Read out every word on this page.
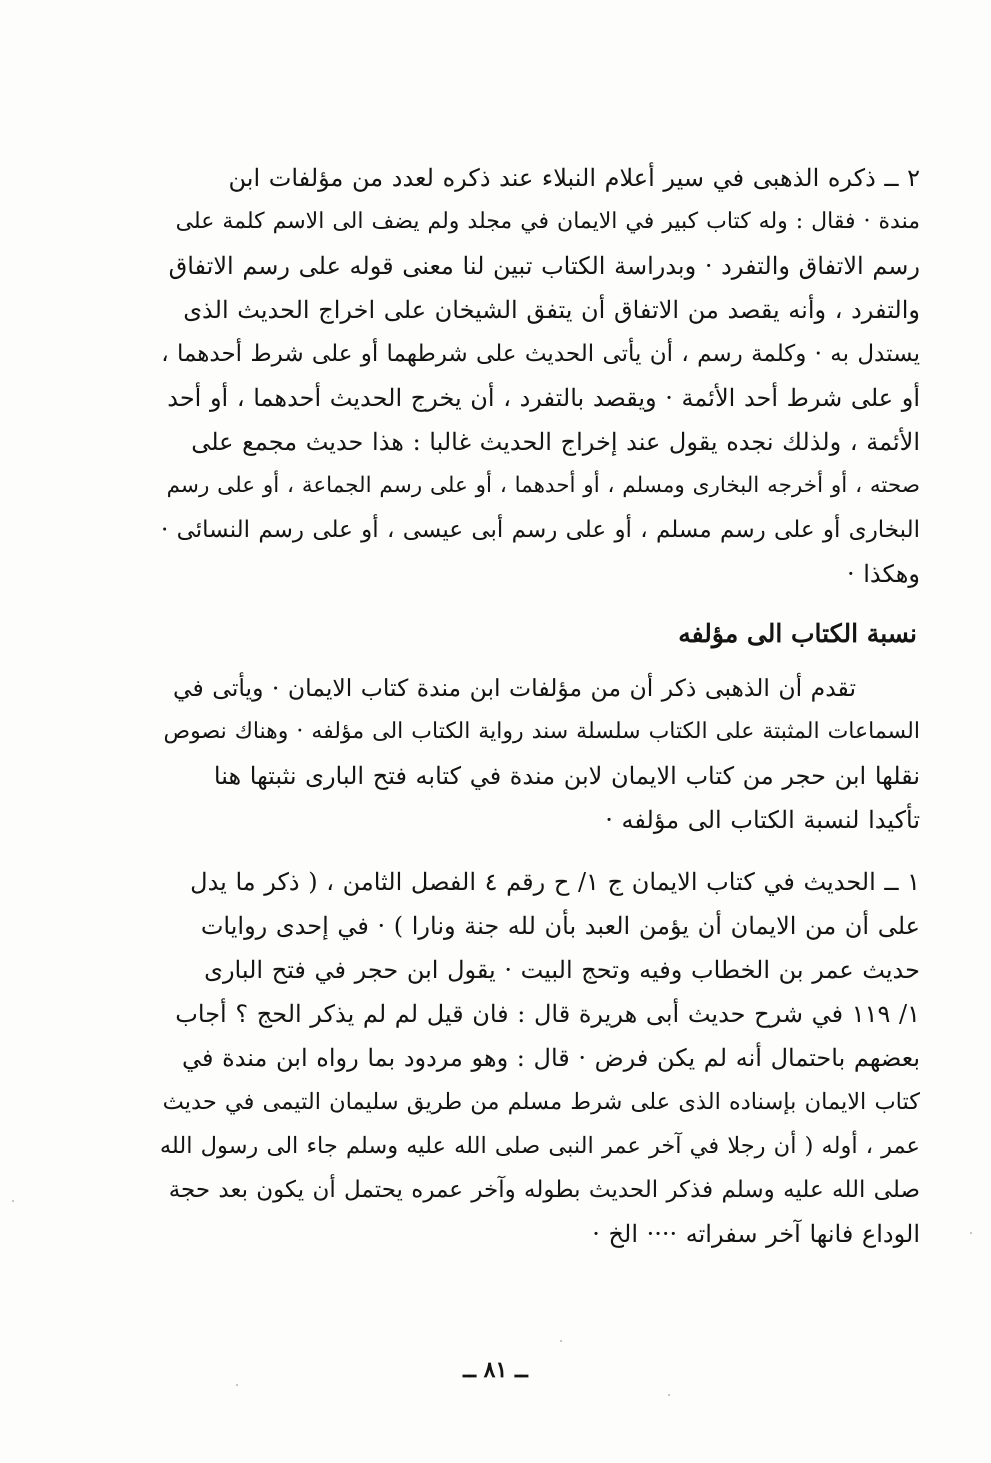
٢ ــ ذكره الذهبى في سير أعلام النبلاء عند ذكره لعدد من مؤلفات ابن
مندة · فقال : وله كتاب كبير في الايمان في مجلد ولم يضف الى الاسم كلمة على
رسم الاتفاق والتفرد · وبدراسة الكتاب تبين لنا معنى قوله على رسم الاتفاق
والتفرد ، وأنه يقصد من الاتفاق أن يتفق الشيخان على اخراج الحديث الذى
يستدل به · وكلمة رسم ، أن يأتى الحديث على شرطهما أو على شرط أحدهما ،
أو على شرط أحد الأئمة · ويقصد بالتفرد ، أن يخرج الحديث أحدهما ، أو أحد
الأئمة ، ولذلك نجده يقول عند إخراج الحديث غالبا : هذا حديث مجمع على
صحته ، أو أخرجه البخارى ومسلم ، أو أحدهما ، أو على رسم الجماعة ، أو على رسم
البخارى أو على رسم مسلم ، أو على رسم أبى عيسى ، أو على رسم النسائى ·
وهكذا ·
نسبة الكتاب الى مؤلفه
تقدم أن الذهبى ذكر أن من مؤلفات ابن مندة كتاب الايمان · ويأتى في
السماعات المثبتة على الكتاب سلسلة سند رواية الكتاب الى مؤلفه · وهناك نصوص
نقلها ابن حجر من كتاب الايمان لابن مندة في كتابه فتح البارى نثبتها هنا
تأكيدا لنسبة الكتاب الى مؤلفه ·
١ ــ الحديث في كتاب الايمان ج ١/ ح رقم ٤ الفصل الثامن ، ( ذكر ما يدل
على أن من الايمان أن يؤمن العبد بأن لله جنة ونارا ) · في إحدى روايات
حديث عمر بن الخطاب وفيه وتحج البيت · يقول ابن حجر في فتح البارى
١/ ١١٩ في شرح حديث أبى هريرة قال : فان قيل لم لم يذكر الحج ؟ أجاب
بعضهم باحتمال أنه لم يكن فرض · قال : وهو مردود بما رواه ابن مندة في
كتاب الايمان بإسناده الذى على شرط مسلم من طريق سليمان التيمى في حديث
عمر ، أوله ( أن رجلا في آخر عمر النبى صلى الله عليه وسلم جاء الى رسول الله
صلى الله عليه وسلم فذكر الحديث بطوله وآخر عمره يحتمل أن يكون بعد حجة
الوداع فانها آخر سفراته ···· الخ ·
ــ ٨١ ــ
